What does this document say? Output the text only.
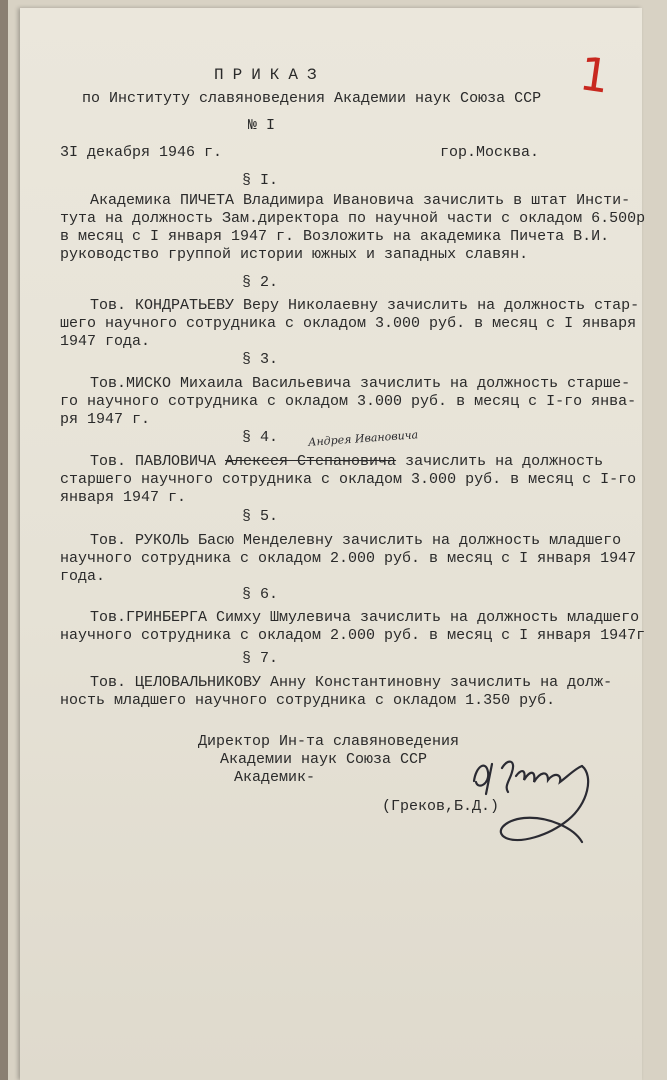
1
ПРИКАЗ
по Институту славяноведения Академии наук Союза ССР
№ I
3I декабря 1946 г.	гор.Москва.
§ I.
Академика ПИЧЕТА Владимира Ивановича зачислить в штат Инсти-
тута на должность Зам.директора по научной части с окладом 6.500р
в месяц с I января 1947 г. Возложить на академика Пичета В.И.
руководство группой истории южных и западных славян.
§ 2.
Тов. КОНДРАТЬЕВУ Веру Николаевну зачислить на должность стар-
шего научного сотрудника с окладом 3.000 руб. в месяц с I января
1947 года.
§ 3.
Тов.МИСКО Михаила Васильевича зачислить на должность старше-
го научного сотрудника с окладом 3.000 руб. в месяц с I-го янва-
ря 1947 г.
§ 4.	Андрея Ивановича
Тов. ПАВЛОВИЧА Алексея Степановича зачислить на должность
старшего научного сотрудника с окладом 3.000 руб. в месяц с I-го
января 1947 г.
§ 5.
Тов. РУКОЛЬ Басю Менделевну зачислить на должность младшего
научного сотрудника с окладом 2.000 руб. в месяц с I января 1947
года.
§ 6.
Тов.ГРИНБЕРГА Симху Шмулевича зачислить на должность младшего
научного сотрудника с окладом 2.000 руб. в месяц с I января 1947г
§ 7.
Тов. ЦЕЛОВАЛЬНИКОВУ Анну Константиновну зачислить на долж-
ность младшего научного сотрудника с окладом 1.350 руб.
Директор Ин-та славяноведения
Академии наук Союза ССР
Академик-
(Греков,Б.Д.)
